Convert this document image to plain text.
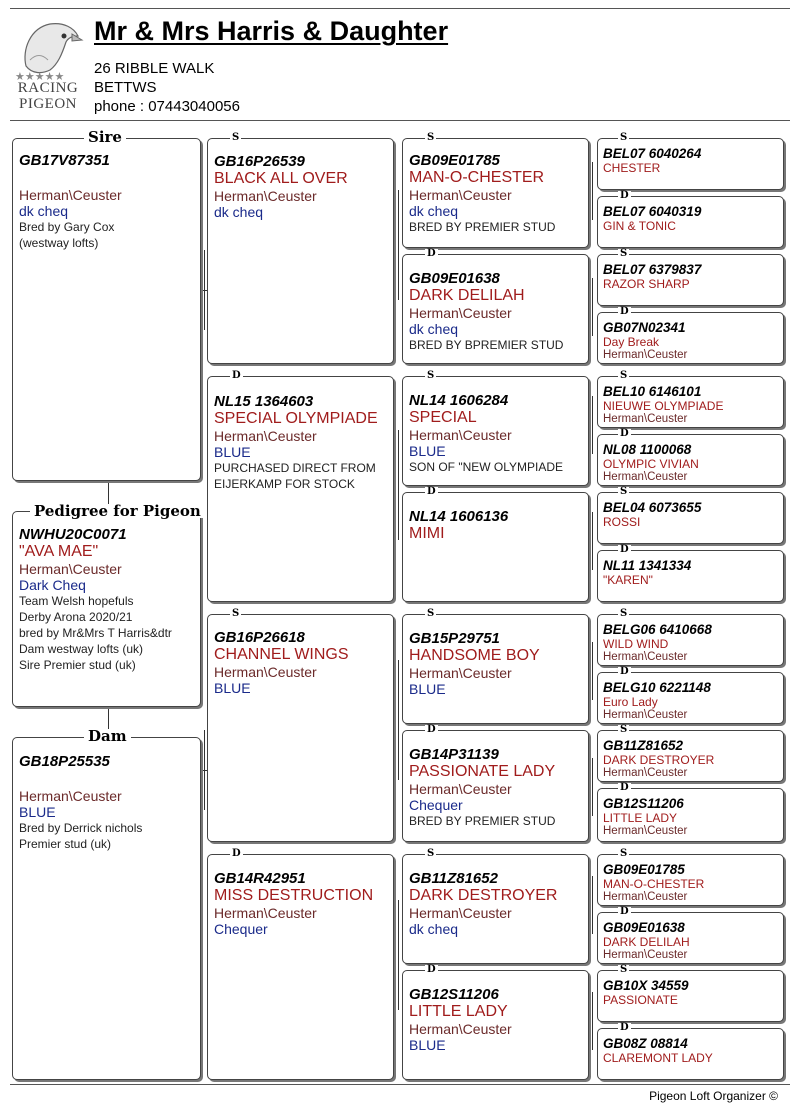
★★★★★
RACING
PIGEON
Mr & Mrs Harris & Daughter
26 RIBBLE WALK
BETTWS
phone : 07443040056
GB17V87351
Herman\Ceuster
dk cheq
Bred by Gary Cox
(westway lofts)
Sire
NWHU20C0071
"AVA MAE"
Herman\Ceuster
Dark Cheq
Team Welsh hopefuls
Derby Arona 2020/21
bred by Mr&Mrs T Harris&dtr
Dam westway lofts (uk)
Sire Premier stud (uk)
Pedigree for Pigeon
GB18P25535
Herman\Ceuster
BLUE
Bred by Derrick nichols
Premier stud (uk)
Dam
GB16P26539
BLACK ALL OVER
Herman\Ceuster
dk cheq
S
NL15 1364603
SPECIAL OLYMPIADE
Herman\Ceuster
BLUE
PURCHASED DIRECT FROM
EIJERKAMP FOR STOCK
D
GB16P26618
CHANNEL WINGS
Herman\Ceuster
BLUE
S
GB14R42951
MISS DESTRUCTION
Herman\Ceuster
Chequer
D
GB09E01785
MAN-O-CHESTER
Herman\Ceuster
dk cheq
BRED BY PREMIER STUD
S
GB09E01638
DARK DELILAH
Herman\Ceuster
dk cheq
BRED BY BPREMIER STUD
D
NL14 1606284
SPECIAL
Herman\Ceuster
BLUE
SON OF "NEW OLYMPIADE
S
NL14 1606136
MIMI
D
GB15P29751
HANDSOME BOY
Herman\Ceuster
BLUE
S
GB14P31139
PASSIONATE LADY
Herman\Ceuster
Chequer
BRED BY PREMIER STUD
D
GB11Z81652
DARK DESTROYER
Herman\Ceuster
dk cheq
S
GB12S11206
LITTLE LADY
Herman\Ceuster
BLUE
D
BEL07 6040264
CHESTER
S
BEL07 6040319
GIN & TONIC
D
BEL07 6379837
RAZOR SHARP
S
GB07N02341
Day Break
Herman\Ceuster
D
BEL10 6146101
NIEUWE OLYMPIADE
Herman\Ceuster
S
NL08 1100068
OLYMPIC VIVIAN
Herman\Ceuster
D
BEL04 6073655
ROSSI
S
NL11 1341334
"KAREN"
D
BELG06 6410668
WILD WIND
Herman\Ceuster
S
BELG10 6221148
Euro Lady
Herman\Ceuster
D
GB11Z81652
DARK DESTROYER
Herman\Ceuster
S
GB12S11206
LITTLE LADY
Herman\Ceuster
D
GB09E01785
MAN-O-CHESTER
Herman\Ceuster
S
GB09E01638
DARK DELILAH
Herman\Ceuster
D
GB10X 34559
PASSIONATE
S
GB08Z 08814
CLAREMONT LADY
D
Pigeon Loft Organizer ©
